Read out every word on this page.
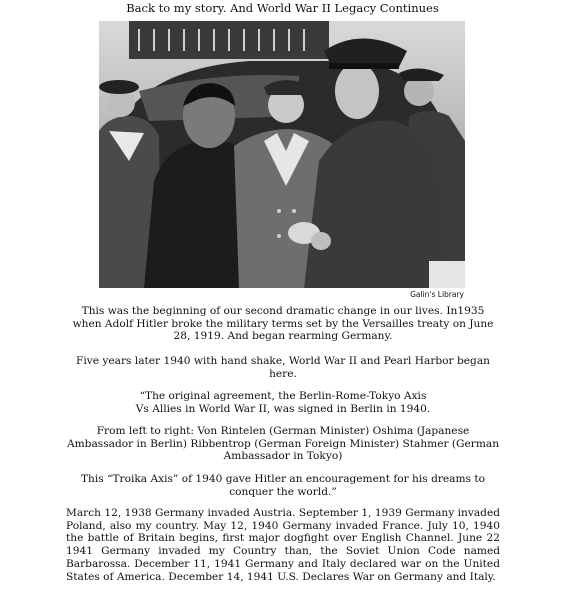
Back to my story. And World War II Legacy Continues
Galin's Library

This was the beginning of our second dramatic change in our lives. In1935 when Adolf Hitler broke the military terms set by the Versailles treaty on June 28, 1919. And began rearming Germany.

Five years later 1940 with hand shake, World War II and Pearl Harbor began here.

“The original agreement, the Berlin-Rome-Tokyo Axis
Vs Allies in World War II, was signed in Berlin in 1940.

From left to right: Von Rintelen (German Minister) Oshima (Japanese Ambassador in Berlin) Ribbentrop (German Foreign Minister) Stahmer (German Ambassador in Tokyo)

This “Troika Axis” of 1940 gave Hitler an encouragement for his dreams to conquer the world.”

March 12, 1938 Germany invaded Austria. September 1, 1939 Germany invaded Poland, also my country. May 12, 1940 Germany invaded France. July 10, 1940 the battle of Britain begins, first major dogfight over English Channel. June 22 1941 Germany invaded my Country than, the Soviet Union Code named Barbarossa. December 11, 1941 Germany and Italy declared war on the United States of America. December 14, 1941 U.S. Declares War on Germany and Italy.
